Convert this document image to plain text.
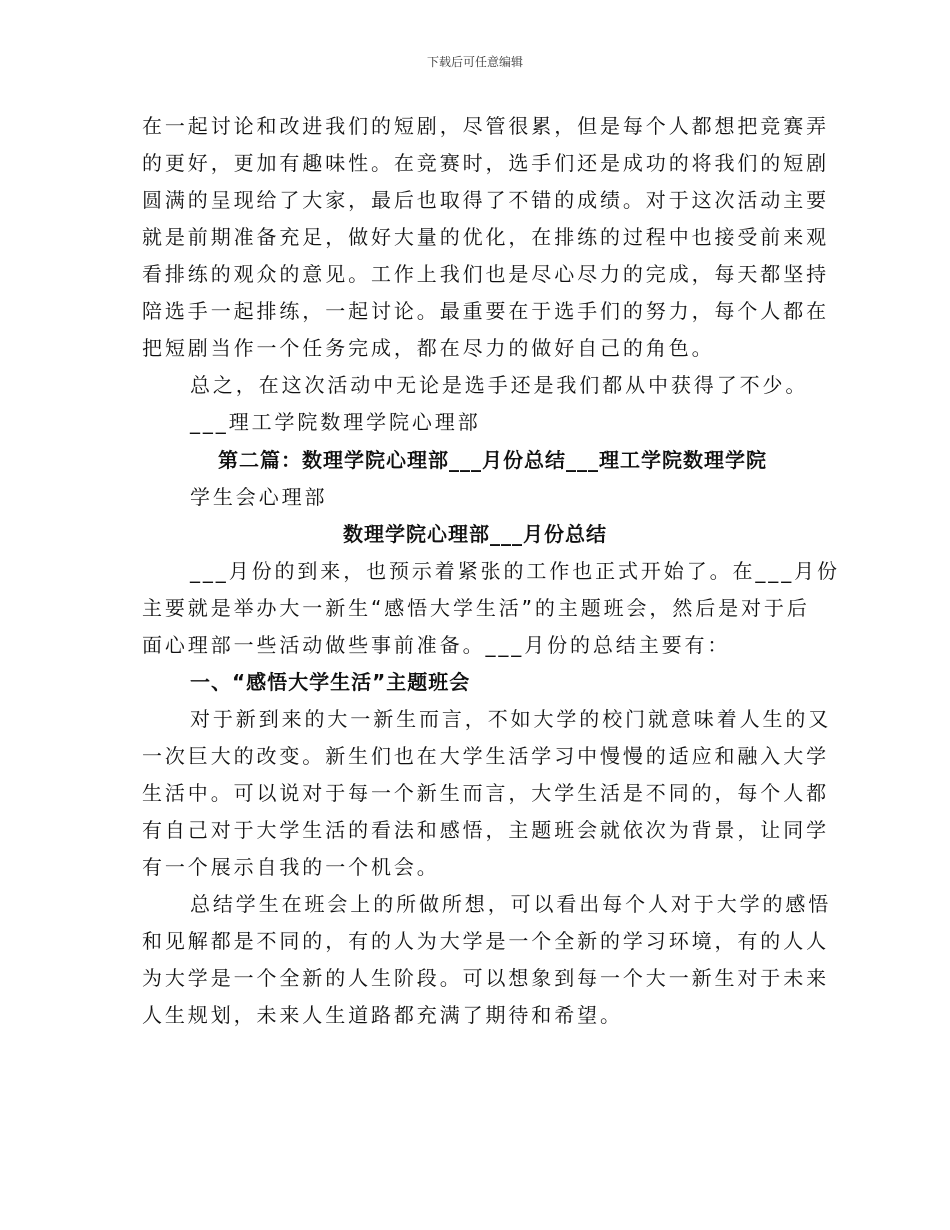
下载后可任意编辑
在一起讨论和改进我们的短剧，尽管很累，但是每个人都想把竞赛弄
的更好，更加有趣味性。在竞赛时，选手们还是成功的将我们的短剧
圆满的呈现给了大家，最后也取得了不错的成绩。对于这次活动主要
就是前期准备充足，做好大量的优化，在排练的过程中也接受前来观
看排练的观众的意见。工作上我们也是尽心尽力的完成，每天都坚持
陪选手一起排练，一起讨论。最重要在于选手们的努力，每个人都在
把短剧当作一个任务完成，都在尽力的做好自己的角色。
总之，在这次活动中无论是选手还是我们都从中获得了不少。
___理工学院数理学院心理部
第二篇：数理学院心理部___月份总结___理工学院数理学院
学生会心理部
数理学院心理部___月份总结
___月份的到来，也预示着紧张的工作也正式开始了。在___月份
主要就是举办大一新生“感悟大学生活”的主题班会，然后是对于后
面心理部一些活动做些事前准备。___月份的总结主要有：
一、“感悟大学生活”主题班会
对于新到来的大一新生而言，不如大学的校门就意味着人生的又
一次巨大的改变。新生们也在大学生活学习中慢慢的适应和融入大学
生活中。可以说对于每一个新生而言，大学生活是不同的，每个人都
有自己对于大学生活的看法和感悟，主题班会就依次为背景，让同学
有一个展示自我的一个机会。
总结学生在班会上的所做所想，可以看出每个人对于大学的感悟
和见解都是不同的，有的人为大学是一个全新的学习环境，有的人人
为大学是一个全新的人生阶段。可以想象到每一个大一新生对于未来
人生规划，未来人生道路都充满了期待和希望。
